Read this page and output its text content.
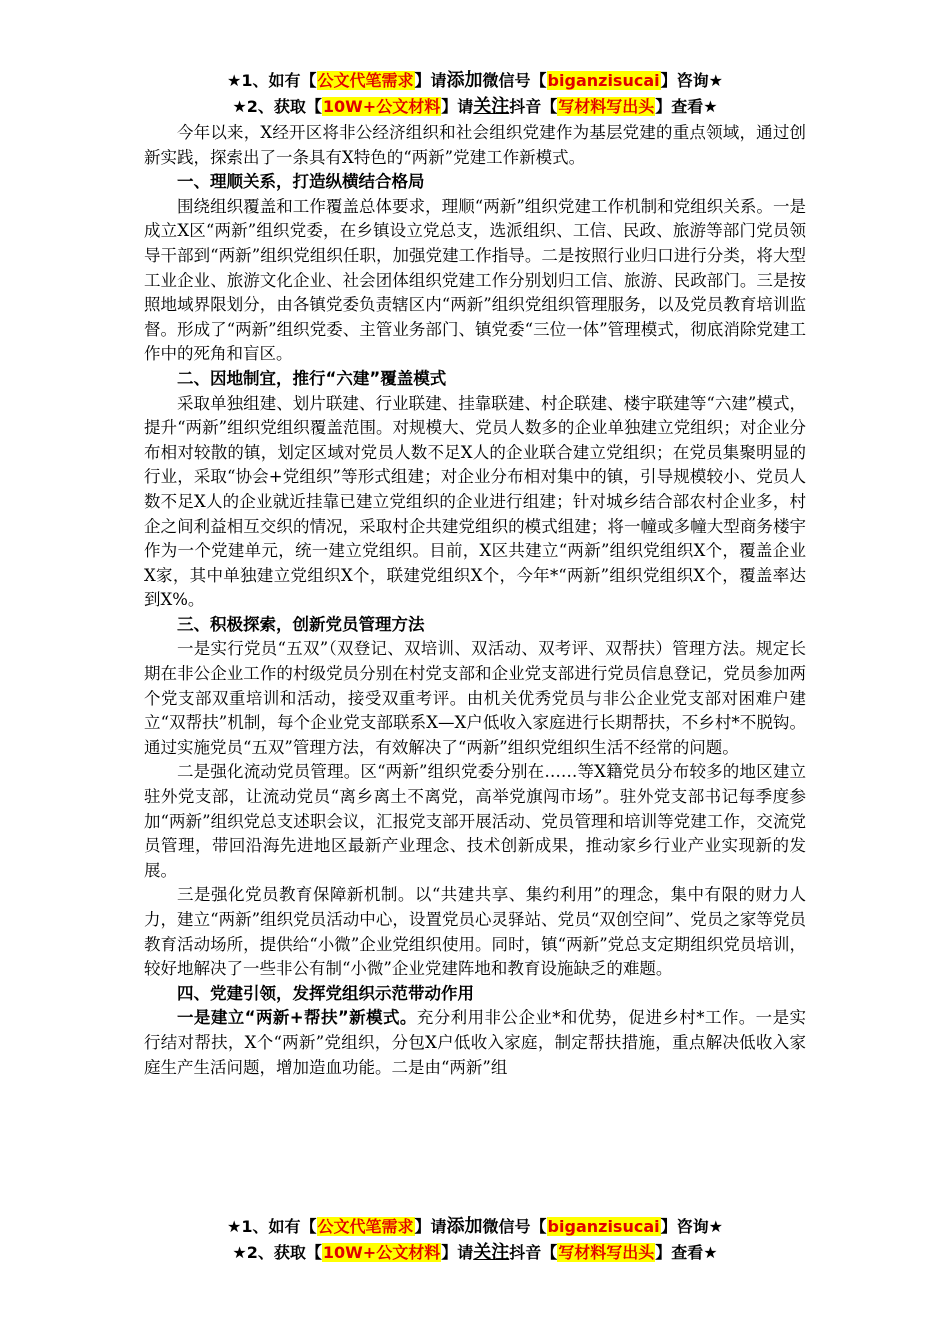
★1、如有【公文代笔需求】请添加微信号【biganzisucai】咨询★
★2、获取【10W+公文材料】请关注抖音【写材料写出头】查看★

今年以来，X经开区将非公经济组织和社会组织党建作为基层党建的重点领域，通过创新实践，探索出了一条具有X特色的“两新”党建工作新模式。

一、理顺关系，打造纵横结合格局

围绕组织覆盖和工作覆盖总体要求，理顺“两新”组织党建工作机制和党组织关系。一是成立X区“两新”组织党委，在乡镇设立党总支，选派组织、工信、民政、旅游等部门党员领导干部到“两新”组织党组织任职，加强党建工作指导。二是按照行业归口进行分类，将大型工业企业、旅游文化企业、社会团体组织党建工作分别划归工信、旅游、民政部门。三是按照地域界限划分，由各镇党委负责辖区内“两新”组织党组织管理服务，以及党员教育培训监督。形成了“两新”组织党委、主管业务部门、镇党委“三位一体”管理模式，彻底消除党建工作中的死角和盲区。

二、因地制宜，推行“六建”覆盖模式

采取单独组建、划片联建、行业联建、挂靠联建、村企联建、楼宇联建等“六建”模式，提升“两新”组织党组织覆盖范围。对规模大、党员人数多的企业单独建立党组织；对企业分布相对较散的镇，划定区域对党员人数不足X人的企业联合建立党组织；在党员集聚明显的行业，采取“协会+党组织”等形式组建；对企业分布相对集中的镇，引导规模较小、党员人数不足X人的企业就近挂靠已建立党组织的企业进行组建；针对城乡结合部农村企业多，村企之间利益相互交织的情况，采取村企共建党组织的模式组建；将一幢或多幢大型商务楼宇作为一个党建单元，统一建立党组织。目前，X区共建立“两新”组织党组织X个，覆盖企业X家，其中单独建立党组织X个，联建党组织X个，今年*“两新”组织党组织X个，覆盖率达到X%。

三、积极探索，创新党员管理方法

一是实行党员“五双”（双登记、双培训、双活动、双考评、双帮扶）管理方法。规定长期在非公企业工作的村级党员分别在村党支部和企业党支部进行党员信息登记，党员参加两个党支部双重培训和活动，接受双重考评。由机关优秀党员与非公企业党支部对困难户建立“双帮扶”机制，每个企业党支部联系X—X户低收入家庭进行长期帮扶，不乡村*不脱钩。通过实施党员“五双”管理方法，有效解决了“两新”组织党组织生活不经常的问题。

二是强化流动党员管理。区“两新”组织党委分别在……等X籍党员分布较多的地区建立驻外党支部，让流动党员“离乡离土不离党，高举党旗闯市场”。驻外党支部书记每季度参加“两新”组织党总支述职会议，汇报党支部开展活动、党员管理和培训等党建工作，交流党员管理，带回沿海先进地区最新产业理念、技术创新成果，推动家乡行业产业实现新的发展。

三是强化党员教育保障新机制。以“共建共享、集约利用”的理念，集中有限的财力人力，建立“两新”组织党员活动中心，设置党员心灵驿站、党员“双创空间”、党员之家等党员教育活动场所，提供给“小微”企业党组织使用。同时，镇“两新”党总支定期组织党员培训，较好地解决了一些非公有制“小微”企业党建阵地和教育设施缺乏的难题。

四、党建引领，发挥党组织示范带动作用

一是建立“两新+帮扶”新模式。充分利用非公企业*和优势，促进乡村*工作。一是实行结对帮扶，X个“两新”党组织，分包X户低收入家庭，制定帮扶措施，重点解决低收入家庭生产生活问题，增加造血功能。二是由“两新”组

★1、如有【公文代笔需求】请添加微信号【biganzisucai】咨询★
★2、获取【10W+公文材料】请关注抖音【写材料写出头】查看★
